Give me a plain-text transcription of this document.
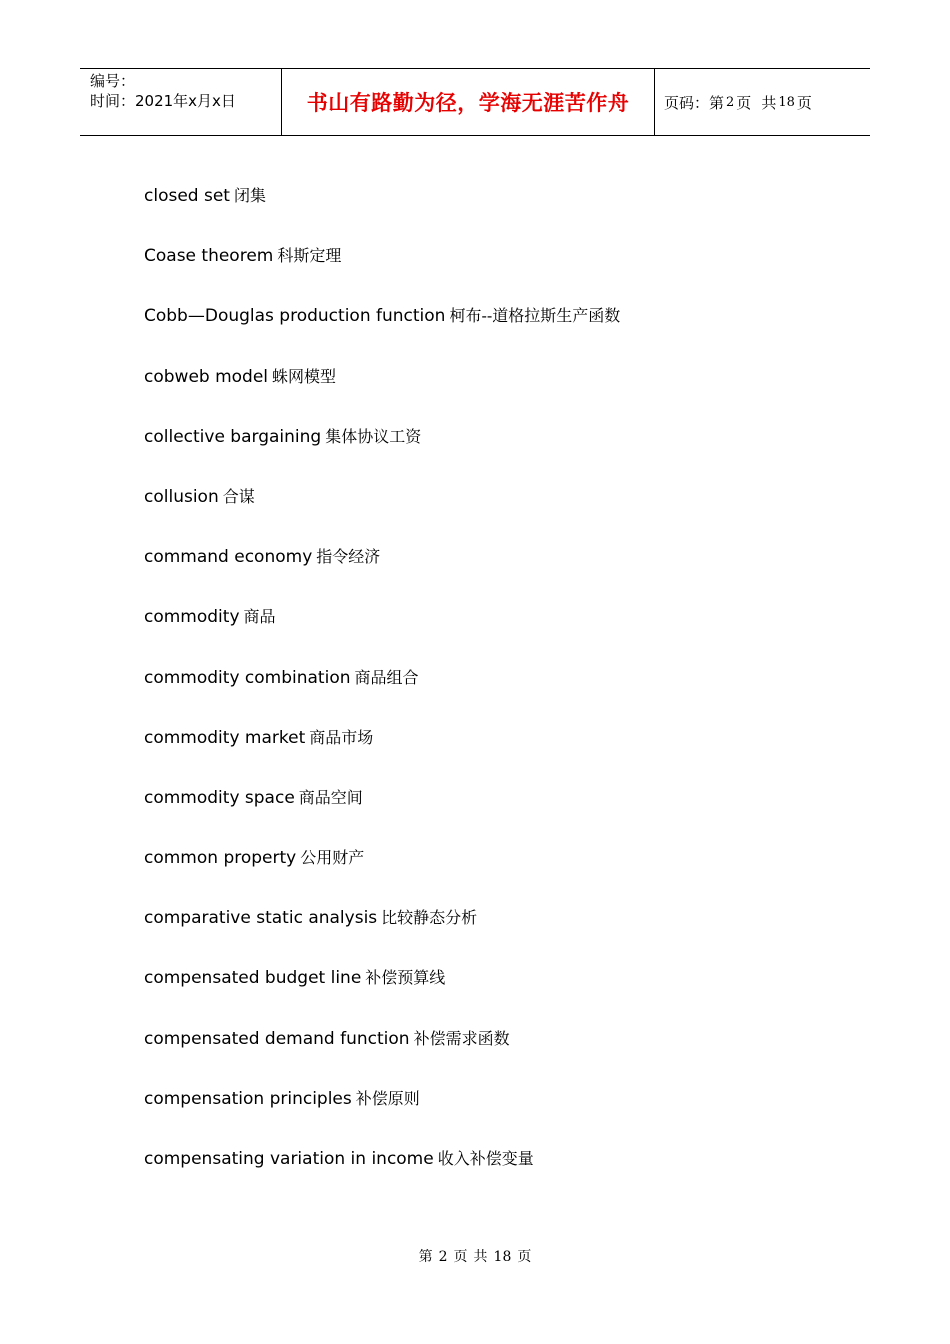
编号：
时间：2021年x月x日	书山有路勤为径，学海无涯苦作舟	页码：第 2 页 共 18 页
closed set 闭集
Coase theorem 科斯定理
Cobb—Douglas production function 柯布--道格拉斯生产函数
cobweb model 蛛网模型
collective bargaining 集体协议工资
collusion 合谋
command economy 指令经济
commodity 商品
commodity combination 商品组合
commodity market 商品市场
commodity space 商品空间
common property 公用财产
comparative static analysis 比较静态分析
compensated budget line 补偿预算线
compensated demand function 补偿需求函数
compensation principles 补偿原则
compensating variation in income 收入补偿变量
第 2 页 共 18 页
